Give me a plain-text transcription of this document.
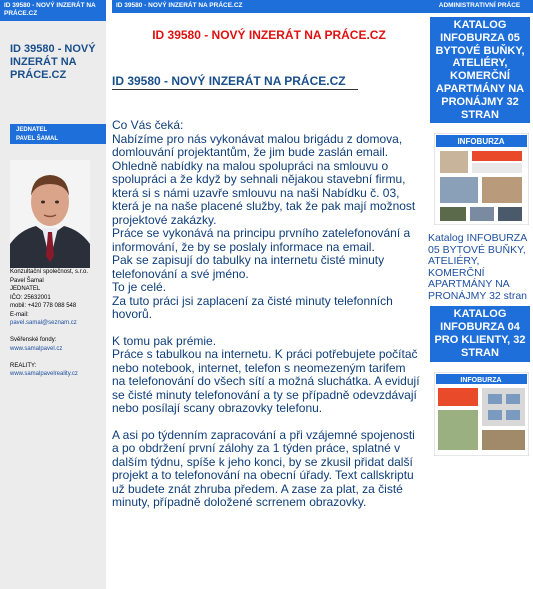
ID 39580 - NOVÝ INZERÁT NA PRÁCE.CZ
ID 39580 - NOVÝ INZERÁT NA PRÁCE.CZ
JEDNATEL
PAVEL ŠAMAL
Konzultační společnost, s.r.o.
Pavel Šamal
JEDNATEL
IČO: 25632001
mobil: +420 778 088 548
E-mail:
pavel.samal@seznam.cz
Svěřenské fondy:
www.samalpavel.cz
REALITY:
www.samalpavelreality.cz
ID 39580 - NOVÝ INZERÁT NA PRÁCE.CZ
ID 39580 - NOVÝ INZERÁT NA PRÁCE.CZ
ID 39580 - NOVÝ INZERÁT NA PRÁCE.CZ

Co Vás čeká:

Nabízíme pro nás vykonávat malou brigádu z domova, domlouvání projektantům, že jim bude zaslán email. Ohledně nabídky na malou spolupráci na smlouvu o spolupráci a že když by sehnali nějakou stavební firmu, která si s námi uzavře smlouvu na naši Nabídku č. 03, která je na naše placené služby, tak že pak mají možnost projektové zakázky.

Práce se vykonává na principu prvního zatelefonování a informování, že by se poslaly informace na email.

Pak se zapisují do tabulky na internetu čisté minuty telefonování a své jméno.

To je celé.

Za tuto práci jsi zaplacení za čisté minuty telefonních hovorů.

K tomu pak prémie.

Práce s tabulkou na internetu. K práci potřebujete počítač nebo notebook, internet, telefon s neomezeným tarifem na telefonování do všech sítí a možná sluchátka. A evidují se čisté minuty telefonování a ty se případně odevzdávají nebo posílají scany obrazovky telefonu.

A asi po týdenním zapracování a při vzájemné spojenosti a po obdržení první zálohy za 1 týden práce, splatné v dalším týdnu, spíše k jeho konci, by se zkusil přidat další projekt a to telefonování na obecní úřady. Text callskriptu už budete znát zhruba předem. A zase za plat, za čisté minuty, případně doložené scrrenem obrazovky.

ADMINISTRATIVNÍ PRÁCE
KATALOG INFOBURZA 05 BYTOVÉ BUŇKY, ATELIÉRY, KOMERČNÍ APARTMÁNY NA PRONÁJMY 32 STRAN
INFOBURZA
Katalog INFOBURZA 05 BYTOVÉ BUŇKY, ATELIÉRY, KOMERČNÍ APARTMÁNY NA PRONÁJMY 32 stran
KATALOG INFOBURZA 04 PRO KLIENTY, 32 STRAN
INFOBURZA
